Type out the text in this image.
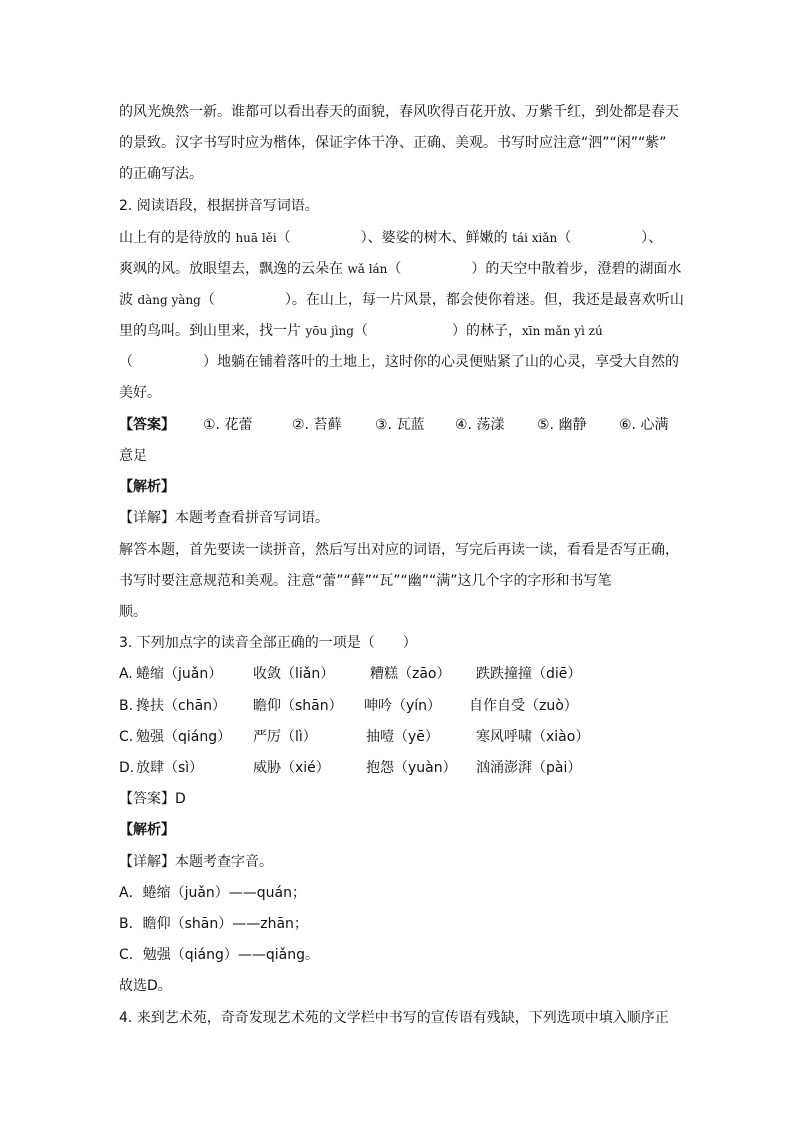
的风光焕然一新。谁都可以看出春天的面貌，春风吹得百花开放、万紫千红，到处都是春天
的景致。汉字书写时应为楷体，保证字体干净、正确、美观。书写时应注意“泗”“闲”“紫”
的正确写法。
2. 阅读语段，根据拼音写词语。
山上有的是待放的 huā lěi（　　　　　）、婆娑的树木、鲜嫩的 tái xiǎn（　　　　　）、
爽飒的风。放眼望去，飘逸的云朵在 wǎ lán（　　　　　）的天空中散着步，澄碧的湖面水
波 dàng yàng（　　　　　）。在山上，每一片风景，都会使你着迷。但，我还是最喜欢听山
里的鸟叫。到山里来，找一片 yōu jìng（　　　　　　）的林子，xīn mǎn yì zú
（　　　　　）地躺在铺着落叶的土地上，这时你的心灵便贴紧了山的心灵，享受大自然的
美好。
【答案】 ①. 花蕾	②. 苔藓 ③. 瓦蓝 ④. 荡漾 ⑤. 幽静 ⑥. 心满
意足
【解析】
【详解】本题考查看拼音写词语。
解答本题，首先要读一读拼音，然后写出对应的词语，写完后再读一读，看看是否写正确，
书写时要注意规范和美观。注意“蕾”“藓”“瓦”“幽”“满”这几个字的字形和书写笔
顺。
3. 下列加点字的读音全部正确的一项是（　　）
A. 蜷缩（juǎn） 收敛（liǎn）	糟糕（zāo） 跌跌撞撞（diē）
B. 搀扶（chān） 瞻仰（shān） 呻吟（yín） 自作自受（zuò）
C. 勉强（qiáng） 严厉（lì）	抽噎（yē）	寒风呼啸（xiào）
D. 放肆（sì）	威胁（xié）	抱怨（yuàn） 汹涌澎湃（pài）
【答案】D
【解析】
【详解】本题考查字音。
A．蜷缩（juǎn）——quán；
B．瞻仰（shān）——zhān；
C．勉强（qiáng）——qiǎng。
故选D。
4. 来到艺术苑，奇奇发现艺术苑的文学栏中书写的宣传语有残缺，下列选项中填入顺序正
